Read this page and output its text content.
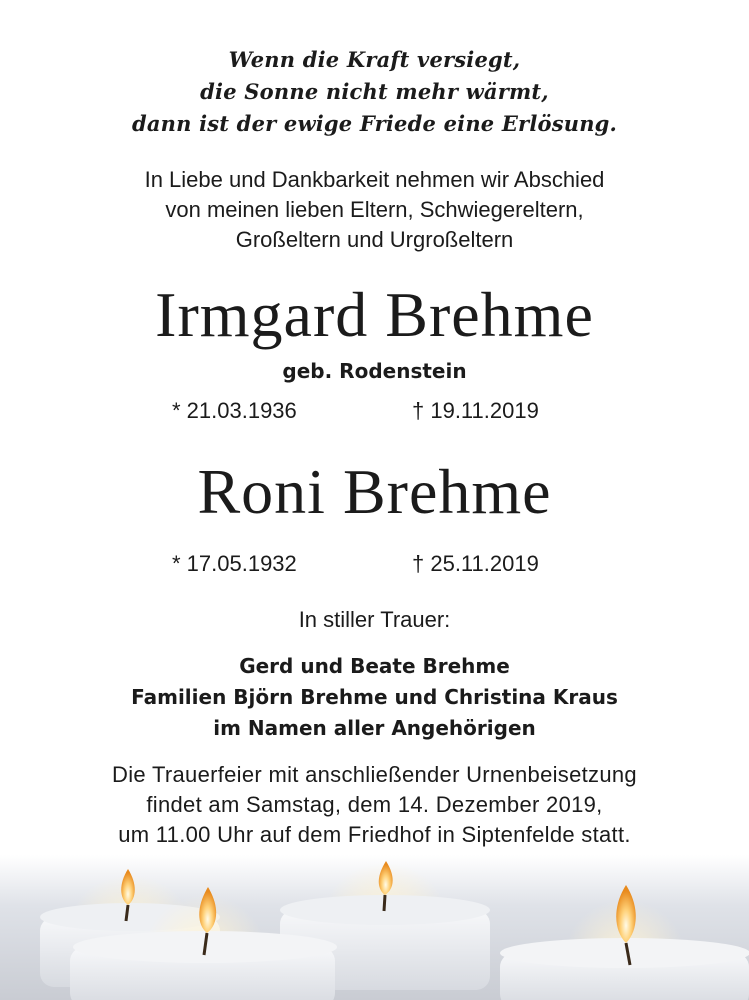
Wenn die Kraft versiegt,
die Sonne nicht mehr wärmt,
dann ist der ewige Friede eine Erlösung.
In Liebe und Dankbarkeit nehmen wir Abschied
von meinen lieben Eltern, Schwiegereltern,
Großeltern und Urgroßeltern
Irmgard Brehme
geb. Rodenstein
* 21.03.1936	† 19.11.2019
Roni Brehme
* 17.05.1932	† 25.11.2019
In stiller Trauer:
Gerd und Beate Brehme
Familien Björn Brehme und Christina Kraus
im Namen aller Angehörigen
Die Trauerfeier mit anschließender Urnenbeisetzung
findet am Samstag, dem 14. Dezember 2019,
um 11.00 Uhr auf dem Friedhof in Siptenfelde statt.
